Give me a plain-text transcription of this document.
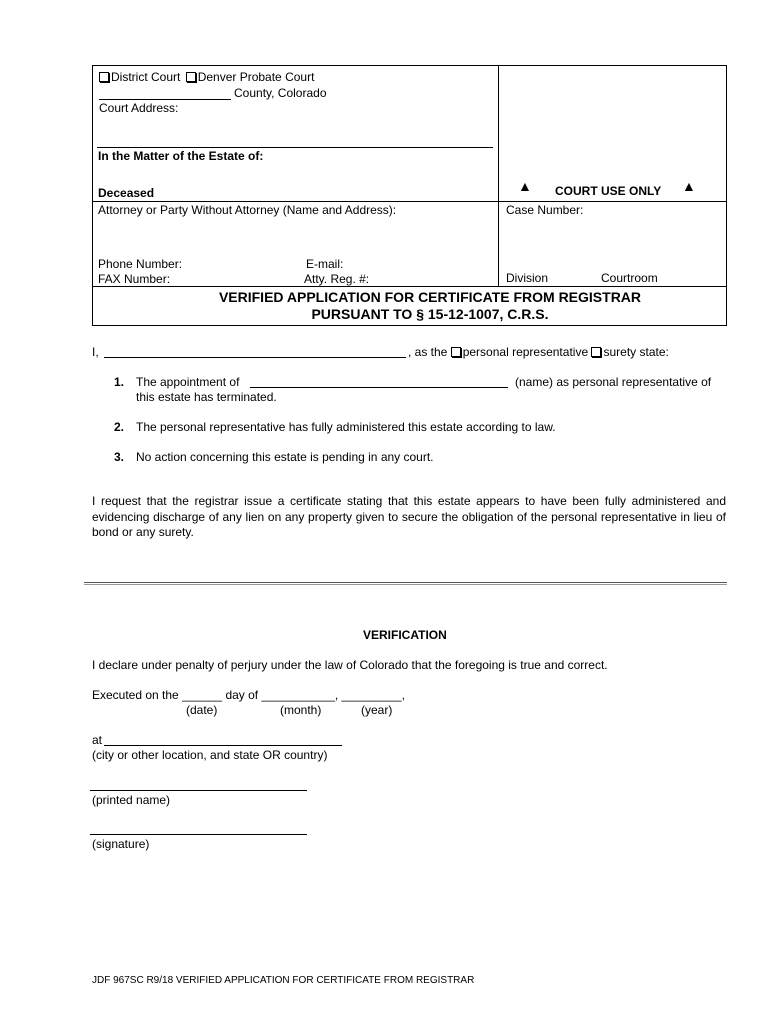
District Court Denver Probate Court
County, Colorado
Court Address:
In the Matter of the Estate of:
Deceased	▲ COURT USE ONLY ▲
Attorney or Party Without Attorney (Name and Address):	Case Number:
Phone Number:	E-mail:
FAX Number:	Atty. Reg. #:	Division	Courtroom
VERIFIED APPLICATION FOR CERTIFICATE FROM REGISTRAR
PURSUANT TO § 15-12-1007, C.R.S.
I,	, as the personal representative surety state:
1. The appointment of	(name) as personal representative of
this estate has terminated.
2. The personal representative has fully administered this estate according to law.
3. No action concerning this estate is pending in any court.
I request that the registrar issue a certificate stating that this estate appears to have been fully administered and evidencing discharge of any lien on any property given to secure the obligation of the personal representative in lieu of bond or any surety.
VERIFICATION
I declare under penalty of perjury under the law of Colorado that the foregoing is true and correct.
Executed on the ______ day of ___________, _________,
(date)	(month)	(year)
at
(city or other location, and state OR country)
(printed name)
(signature)
JDF 967SC R9/18 VERIFIED APPLICATION FOR CERTIFICATE FROM REGISTRAR
